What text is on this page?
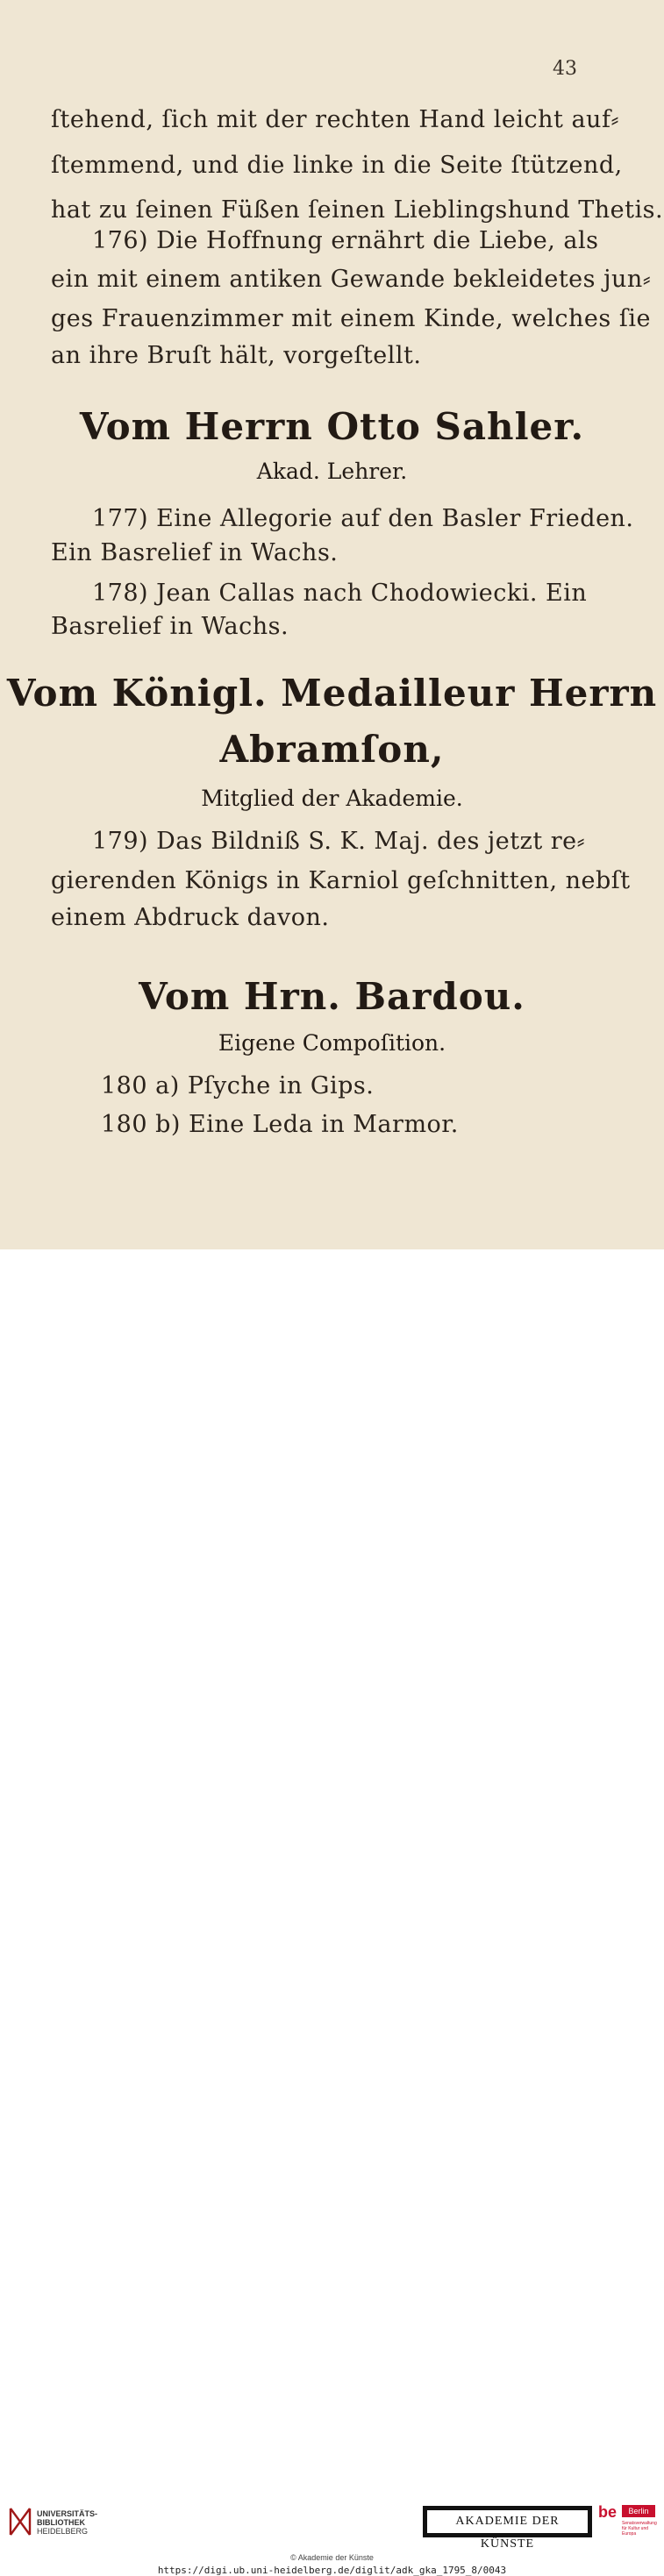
43
ſtehend, ſich mit der rechten Hand leicht auf⸗
ſtemmend, und die linke in die Seite ſtützend,
hat zu ſeinen Füßen ſeinen Lieblingshund Thetis.
176) Die Hoffnung ernährt die Liebe, als
ein mit einem antiken Gewande bekleidetes jun⸗
ges Frauenzimmer mit einem Kinde, welches ſie
an ihre Bruſt hält, vorgeſtellt.
Vom Herrn Otto Sahler.
Akad. Lehrer.
177) Eine Allegorie auf den Basler Frieden.
Ein Basrelief in Wachs.
178) Jean Callas nach Chodowiecki. Ein
Basrelief in Wachs.
Vom Königl. Medailleur Herrn
Abramſon,
Mitglied der Akademie.
179) Das Bildniß S. K. Maj. des jetzt re⸗
gierenden Königs in Karniol geſchnitten, nebſt
einem Abdruck davon.
Vom Hrn. Bardou.
Eigene Compoſition.
180 a) Pſyche in Gips.
180 b) Eine Leda in Marmor.
UNIVERSITÄTS-
BIBLIOTHEK
HEIDELBERG
AKADEMIE DER KÜNSTE
be	Berlin
Senatsverwaltung für Kultur und Europa
© Akademie der Künste
https://digi.ub.uni-heidelberg.de/diglit/adk_gka_1795_8/0043
